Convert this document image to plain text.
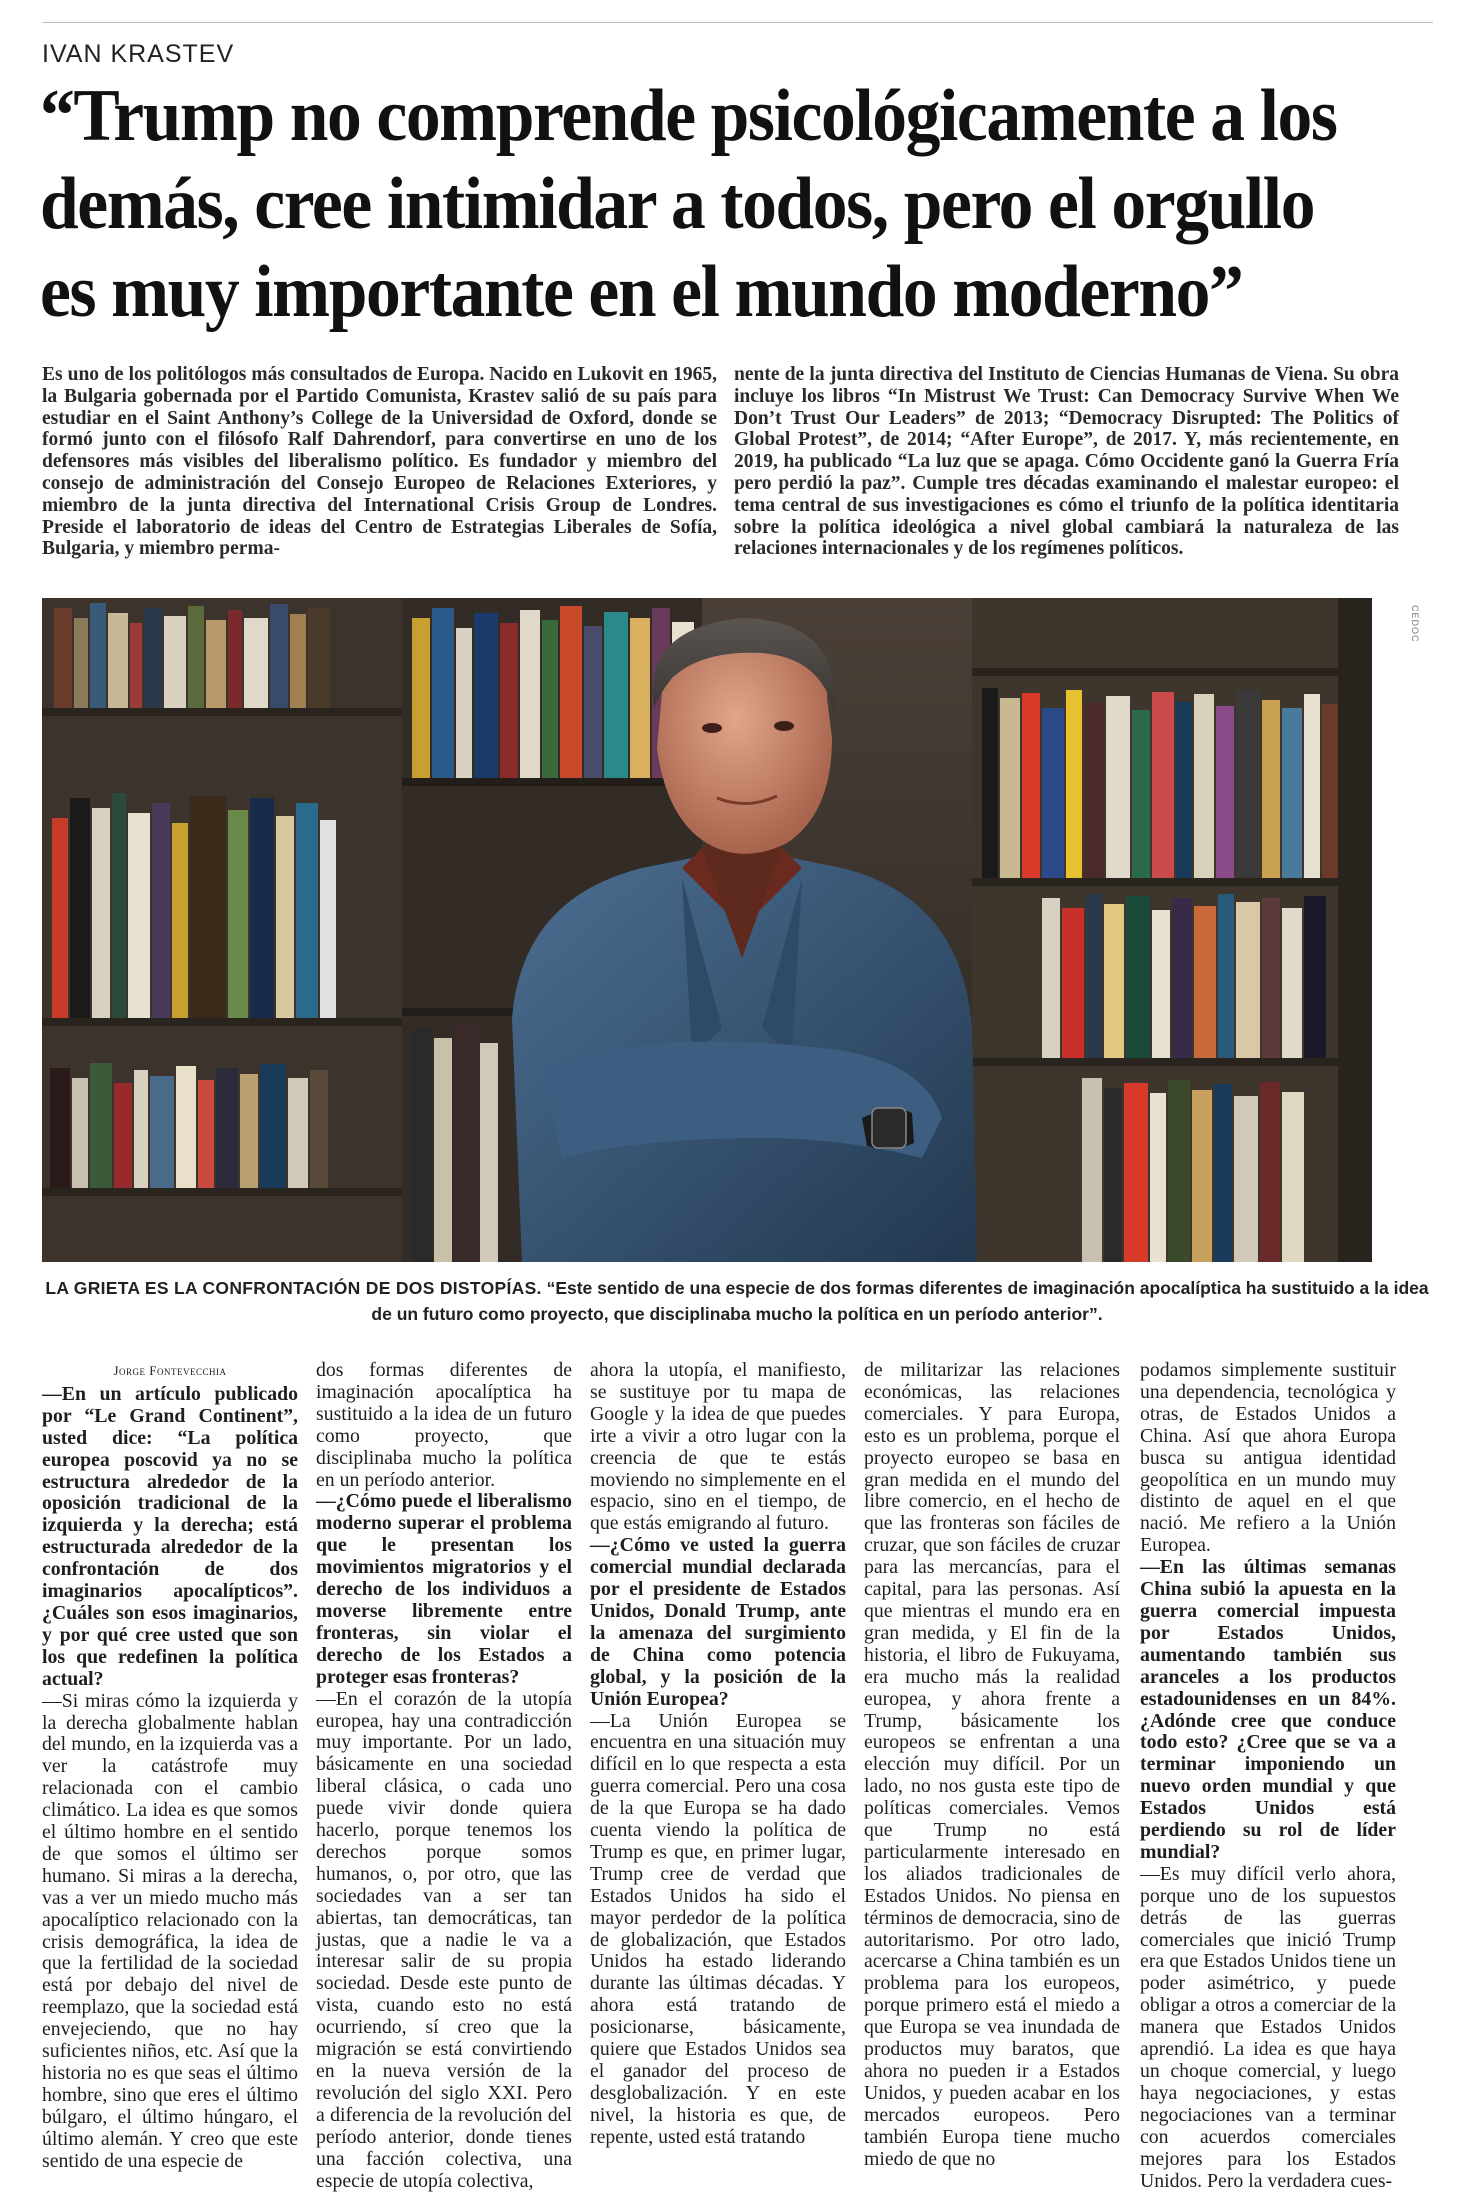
IVAN KRASTEV
“Trump no comprende psicológicamente a los demás, cree intimidar a todos, pero el orgullo es muy importante en el mundo moderno”
Es uno de los politólogos más consultados de Europa. Nacido en Lukovit en 1965, la Bulgaria gobernada por el Partido Comunista, Krastev salió de su país para estudiar en el Saint Anthony’s College de la Universidad de Oxford, donde se formó junto con el filósofo Ralf Dahrendorf, para convertirse en uno de los defensores más visibles del liberalismo político. Es fundador y miembro del consejo de administración del Consejo Europeo de Relaciones Exteriores, y miembro de la junta directiva del International Crisis Group de Londres. Preside el laboratorio de ideas del Centro de Estrategias Liberales de Sofía, Bulgaria, y miembro perma-
nente de la junta directiva del Instituto de Ciencias Humanas de Viena. Su obra incluye los libros “In Mistrust We Trust: Can Democracy Survive When We Don’t Trust Our Leaders” de 2013; “Democracy Disrupted: The Politics of Global Protest”, de 2014; “After Europe”, de 2017. Y, más recientemente, en 2019, ha publicado “La luz que se apaga. Cómo Occidente ganó la Guerra Fría pero perdió la paz”. Cumple tres décadas examinando el malestar europeo: el tema central de sus investigaciones es cómo el triunfo de la política identitaria sobre la política ideológica a nivel global cambiará la naturaleza de las relaciones internacionales y de los regímenes políticos.
CEDOC
LA GRIETA ES LA CONFRONTACIÓN DE DOS DISTOPÍAS. “Este sentido de una especie de dos formas diferentes de imaginación apocalíptica ha sustituido a la idea de un futuro como proyecto, que disciplinaba mucho la política en un período anterior”.
Jorge Fontevecchia
—En un artículo publicado por “Le Grand Continent”, usted dice: “La política europea poscovid ya no se estructura alrededor de la oposición tradicional de la izquierda y la derecha; está estructurada alrededor de la confrontación de dos imaginarios apocalípticos”. ¿Cuáles son esos imaginarios, y por qué cree usted que son los que redefinen la política actual?
—Si miras cómo la izquierda y la derecha globalmente hablan del mundo, en la izquierda vas a ver la catástrofe muy relacionada con el cambio climático. La idea es que somos el último hombre en el sentido de que somos el último ser humano. Si miras a la derecha, vas a ver un miedo mucho más apocalíptico relacionado con la crisis demográfica, la idea de que la fertilidad de la sociedad está por debajo del nivel de reemplazo, que la sociedad está envejeciendo, que no hay suficientes niños, etc. Así que la historia no es que seas el último hombre, sino que eres el último búlgaro, el último húngaro, el último alemán. Y creo que este sentido de una especie de
dos formas diferentes de imaginación apocalíptica ha sustituido a la idea de un futuro como proyecto, que disciplinaba mucho la política en un período anterior.
—¿Cómo puede el liberalismo moderno superar el problema que le presentan los movimientos migratorios y el derecho de los individuos a moverse libremente entre fronteras, sin violar el derecho de los Estados a proteger esas fronteras?
—En el corazón de la utopía europea, hay una contradicción muy importante. Por un lado, básicamente en una sociedad liberal clásica, o cada uno puede vivir donde quiera hacerlo, porque tenemos los derechos porque somos humanos, o, por otro, que las sociedades van a ser tan abiertas, tan democráticas, tan justas, que a nadie le va a interesar salir de su propia sociedad. Desde este punto de vista, cuando esto no está ocurriendo, sí creo que la migración se está convirtiendo en la nueva versión de la revolución del siglo XXI. Pero a diferencia de la revolución del período anterior, donde tienes una facción colectiva, una especie de utopía colectiva,
ahora la utopía, el manifiesto, se sustituye por tu mapa de Google y la idea de que puedes irte a vivir a otro lugar con la creencia de que te estás moviendo no simplemente en el espacio, sino en el tiempo, de que estás emigrando al futuro.
—¿Cómo ve usted la guerra comercial mundial declarada por el presidente de Estados Unidos, Donald Trump, ante la amenaza del surgimiento de China como potencia global, y la posición de la Unión Europea?
—La Unión Europea se encuentra en una situación muy difícil en lo que respecta a esta guerra comercial. Pero una cosa de la que Europa se ha dado cuenta viendo la política de Trump es que, en primer lugar, Trump cree de verdad que Estados Unidos ha sido el mayor perdedor de la política de globalización, que Estados Unidos ha estado liderando durante las últimas décadas. Y ahora está tratando de posicionarse, básicamente, quiere que Estados Unidos sea el ganador del proceso de desglobalización. Y en este nivel, la historia es que, de repente, usted está tratando
de militarizar las relaciones económicas, las relaciones comerciales. Y para Europa, esto es un problema, porque el proyecto europeo se basa en gran medida en el mundo del libre comercio, en el hecho de que las fronteras son fáciles de cruzar, que son fáciles de cruzar para las mercancías, para el capital, para las personas. Así que mientras el mundo era en gran medida, y El fin de la historia, el libro de Fukuyama, era mucho más la realidad europea, y ahora frente a Trump, básicamente los europeos se enfrentan a una elección muy difícil. Por un lado, no nos gusta este tipo de políticas comerciales. Vemos que Trump no está particularmente interesado en los aliados tradicionales de Estados Unidos. No piensa en términos de democracia, sino de autoritarismo. Por otro lado, acercarse a China también es un problema para los europeos, porque primero está el miedo a que Europa se vea inundada de productos muy baratos, que ahora no pueden ir a Estados Unidos, y pueden acabar en los mercados europeos. Pero también Europa tiene mucho miedo de que no
podamos simplemente sustituir una dependencia, tecnológica y otras, de Estados Unidos a China. Así que ahora Europa busca su antigua identidad geopolítica en un mundo muy distinto de aquel en el que nació. Me refiero a la Unión Europea.
—En las últimas semanas China subió la apuesta en la guerra comercial impuesta por Estados Unidos, aumentando también sus aranceles a los productos estadounidenses en un 84%. ¿Adónde cree que conduce todo esto? ¿Cree que se va a terminar imponiendo un nuevo orden mundial y que Estados Unidos está perdiendo su rol de líder mundial?
—Es muy difícil verlo ahora, porque uno de los supuestos detrás de las guerras comerciales que inició Trump era que Estados Unidos tiene un poder asimétrico, y puede obligar a otros a comerciar de la manera que Estados Unidos aprendió. La idea es que haya un choque comercial, y luego haya negociaciones, y estas negociaciones van a terminar con acuerdos comerciales mejores para los Estados Unidos. Pero la verdadera cues-
